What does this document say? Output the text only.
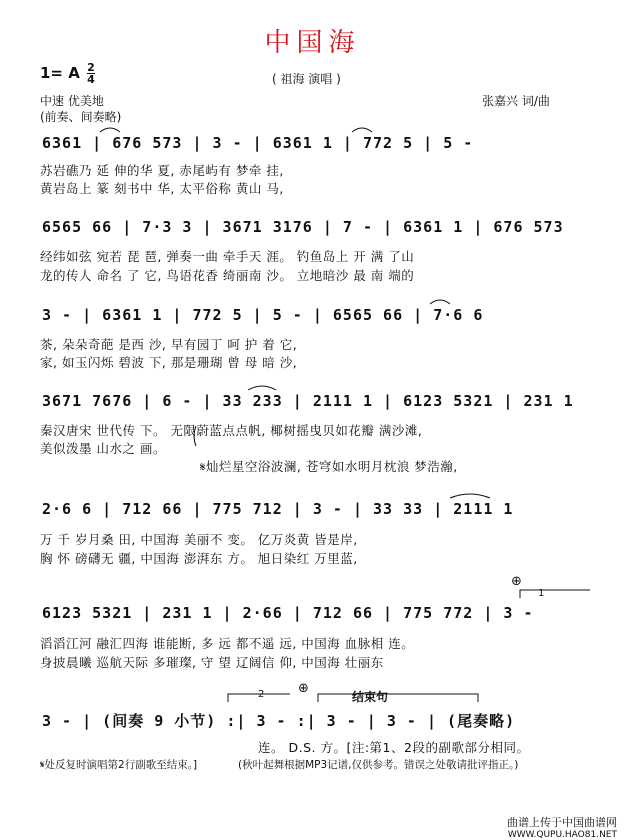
中国海
( 祖海 演唱 )
1= A $\frac{2}{4}$
中速 优美地
(前奏、间奏略)
张嘉兴 词/曲
6361 | 676 573 | 3 - | 6361 1 | 772 5 | 5 -
苏岩礁乃 延 伸的华 夏, 赤尾屿有 梦牵 挂,
黄岩岛上 篆 刻书中 华, 太平俗称 黄山 马,
6565 66 | 7·3 3 | 3671 3176 | 7 - | 6361 1 | 676 573
经纬如弦 宛若 琵 琶, 弹奏一曲 牵手天 涯。 钓鱼岛上 开 满 了山
龙的传人 命名 了 它, 鸟语花香 绮丽南 沙。 立地暗沙 最 南 端的
3 - | 6361 1 | 772 5 | 5 - | 6565 66 | 7·6 6
茶, 朵朵奇葩 是西 沙, 早有园丁 呵 护 着 它,
家, 如玉闪烁 碧波 下, 那是珊瑚 曾 母 暗 沙,
3671 7676 | 6 - | 33 233 | 2111 1 | 6123 5321 | 231 1
秦汉唐宋 世代传 下。 无限蔚蓝点点帆, 椰树摇曳贝如花瓣 满沙滩,
美似泼墨 山水之 画。
𝄋灿烂星空浴波澜, 苍穹如水明月枕浪 梦浩瀚,
2·6 6 | 712 66 | 775 712 | 3 - | 33 33 | 2111 1
万 千 岁月桑 田, 中国海 美丽不 变。 亿万炎黄 皆是岸,
胸 怀 磅礴无 疆, 中国海 澎湃东 方。 旭日染红 万里蓝,
⊕
1
6123 5321 | 231 1 | 2·66 | 712 66 | 775 772 | 3 -
滔滔江河 融汇四海 谁能断, 多 远 都不遥 远, 中国海 血脉相 连。
身披晨曦 巡航天际 多璀璨, 守 望 辽阔信 仰, 中国海 壮丽东
2	⊕
结束句
3 - | (间奏 9 小节) :| 3 - :| 3 - | 3 - | (尾奏略)
连。 D.S. 方。[注:第1、2段的副歌部分相同。
𝄋处反复时演唱第2行副歌至结束。]	(秋叶起舞根据MP3记谱,仅供参考。错误之处敬请批评指正。)
曲谱上传于中国曲谱网
WWW.QUPU.HAO81.NET
